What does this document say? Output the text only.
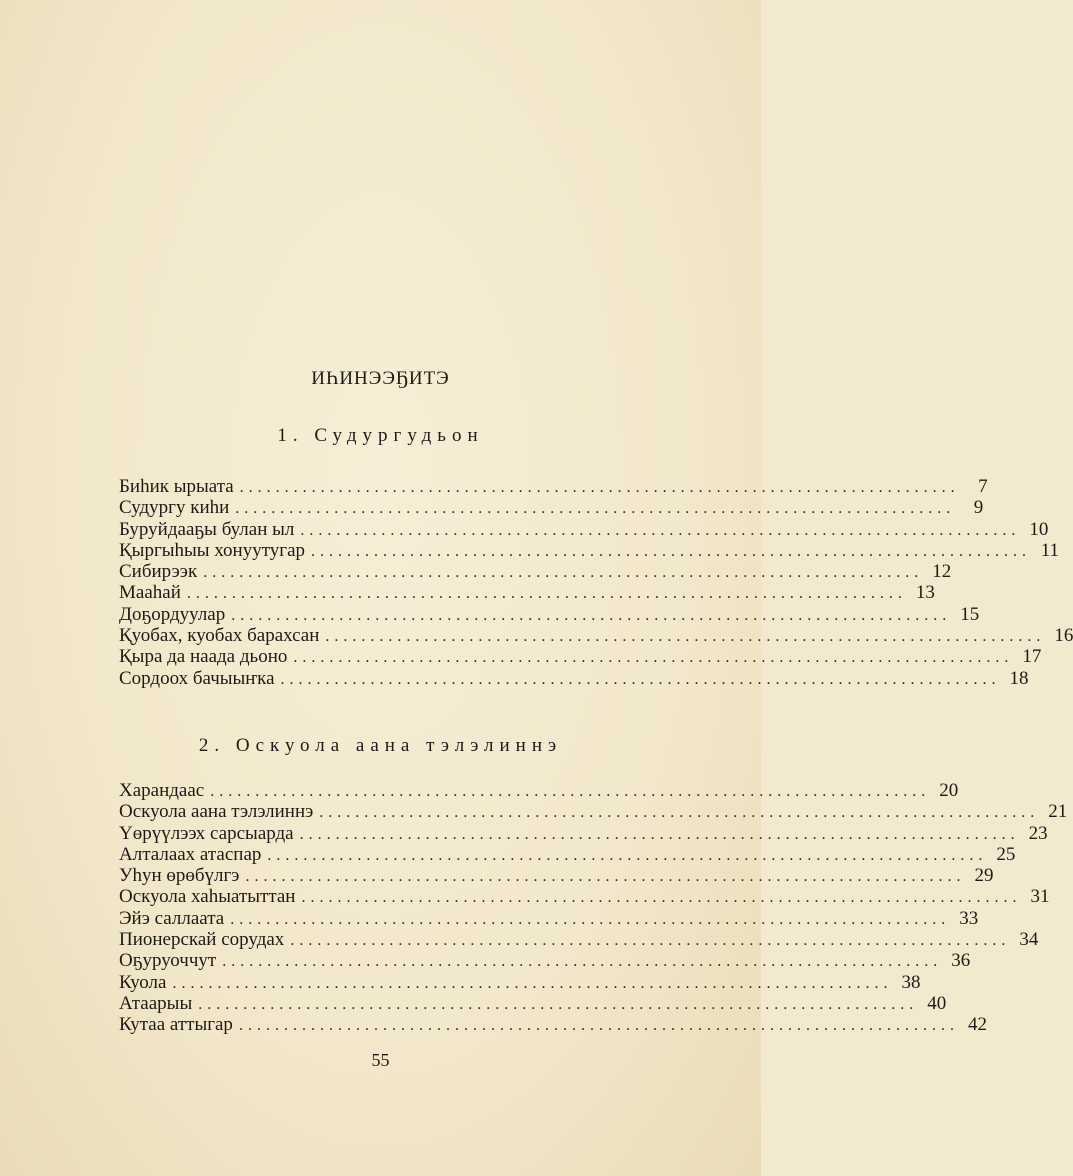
ИҺИНЭЭҔИТЭ
1. Судургудьон
Биһик ырыата ................................................................................ 7
Судургу киһи ................................................................................ 9
Буруйдааҕы булан ыл ................................................................................ 10
Қыргыһыы хонуутугар ................................................................................ 11
Сибирээк ................................................................................ 12
Мааһай ................................................................................ 13
Доҕордуулар ................................................................................ 15
Қуобах, куобах барахсан ................................................................................ 16
Қыра да наада дьоно ................................................................................ 17
Сордоох бачыыҥка ................................................................................ 18
2. Оскуола аана тэлэлиннэ
Харандаас ................................................................................ 20
Оскуола аана тэлэлиннэ ................................................................................ 21
Үөрүүлээх сарсыарда ................................................................................ 23
Алталаах атаспар ................................................................................ 25
Уһун өрөбүлгэ ................................................................................ 29
Оскуола хаһыатыттан ................................................................................ 31
Эйэ саллаата ................................................................................ 33
Пионерскай сорудах ................................................................................ 34
Оҕуруоччут ................................................................................ 36
Куола ................................................................................ 38
Атаарыы ................................................................................ 40
Кутаа аттыгар ................................................................................ 42
55
